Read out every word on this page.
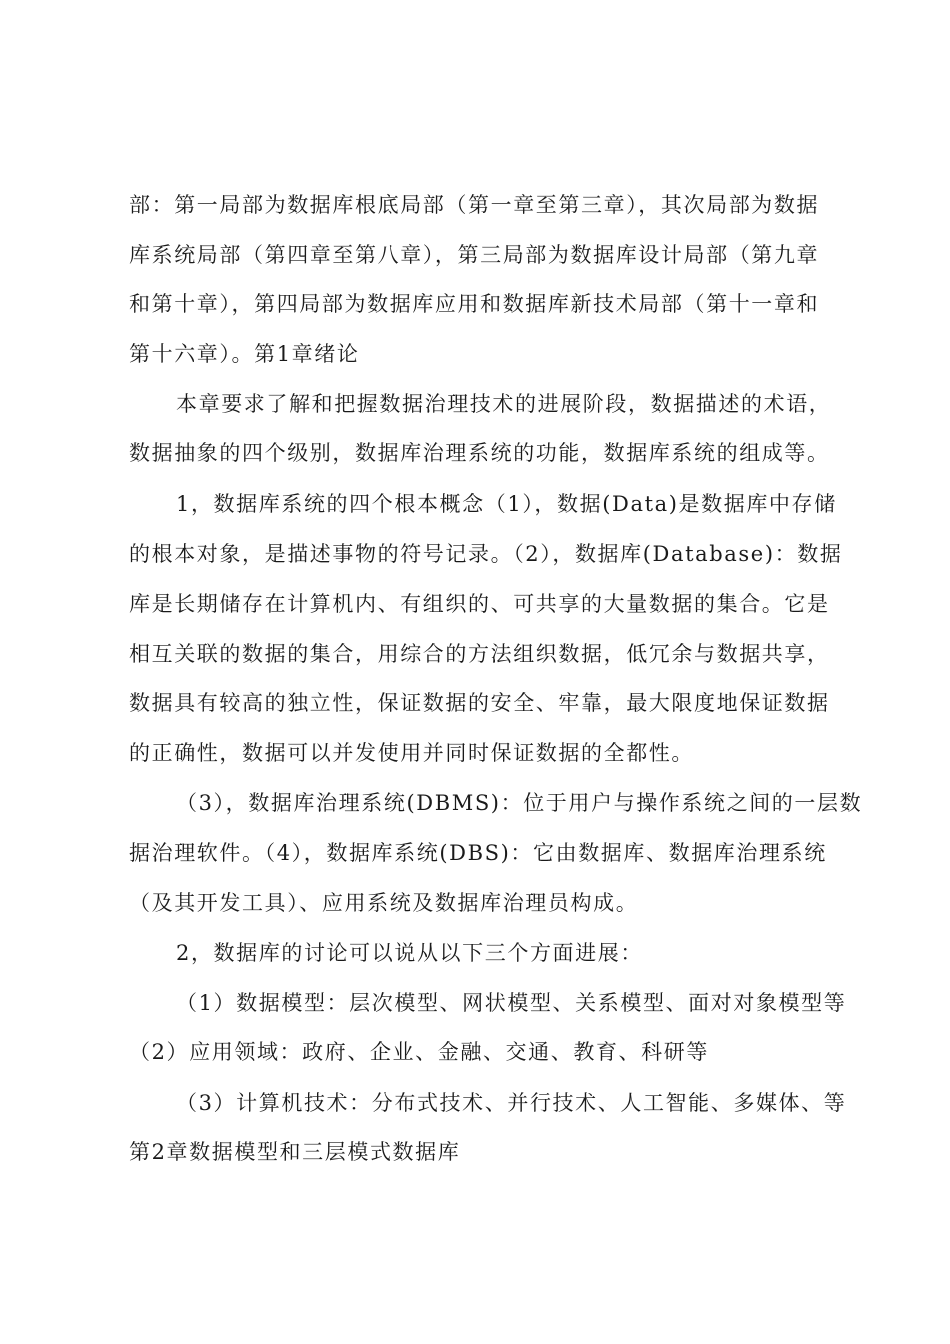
部：第一局部为数据库根底局部（第一章至第三章），其次局部为数据
库系统局部（第四章至第八章），第三局部为数据库设计局部（第九章
和第十章），第四局部为数据库应用和数据库新技术局部（第十一章和
第十六章）。第1章绪论
本章要求了解和把握数据治理技术的进展阶段，数据描述的术语，
数据抽象的四个级别，数据库治理系统的功能，数据库系统的组成等。
1，数据库系统的四个根本概念（1），数据(Data)是数据库中存储
的根本对象，是描述事物的符号记录。（2），数据库(Database)：数据
库是长期储存在计算机内、有组织的、可共享的大量数据的集合。它是
相互关联的数据的集合，用综合的方法组织数据，低冗余与数据共享，
数据具有较高的独立性，保证数据的安全、牢靠，最大限度地保证数据
的正确性，数据可以并发使用并同时保证数据的全都性。
（3），数据库治理系统(DBMS)：位于用户与操作系统之间的一层数
据治理软件。（4），数据库系统(DBS)：它由数据库、数据库治理系统
（及其开发工具）、应用系统及数据库治理员构成。
2，数据库的讨论可以说从以下三个方面进展：
（1）数据模型：层次模型、网状模型、关系模型、面对对象模型等
（2）应用领域：政府、企业、金融、交通、教育、科研等
（3）计算机技术：分布式技术、并行技术、人工智能、多媒体、等
第2章数据模型和三层模式数据库
